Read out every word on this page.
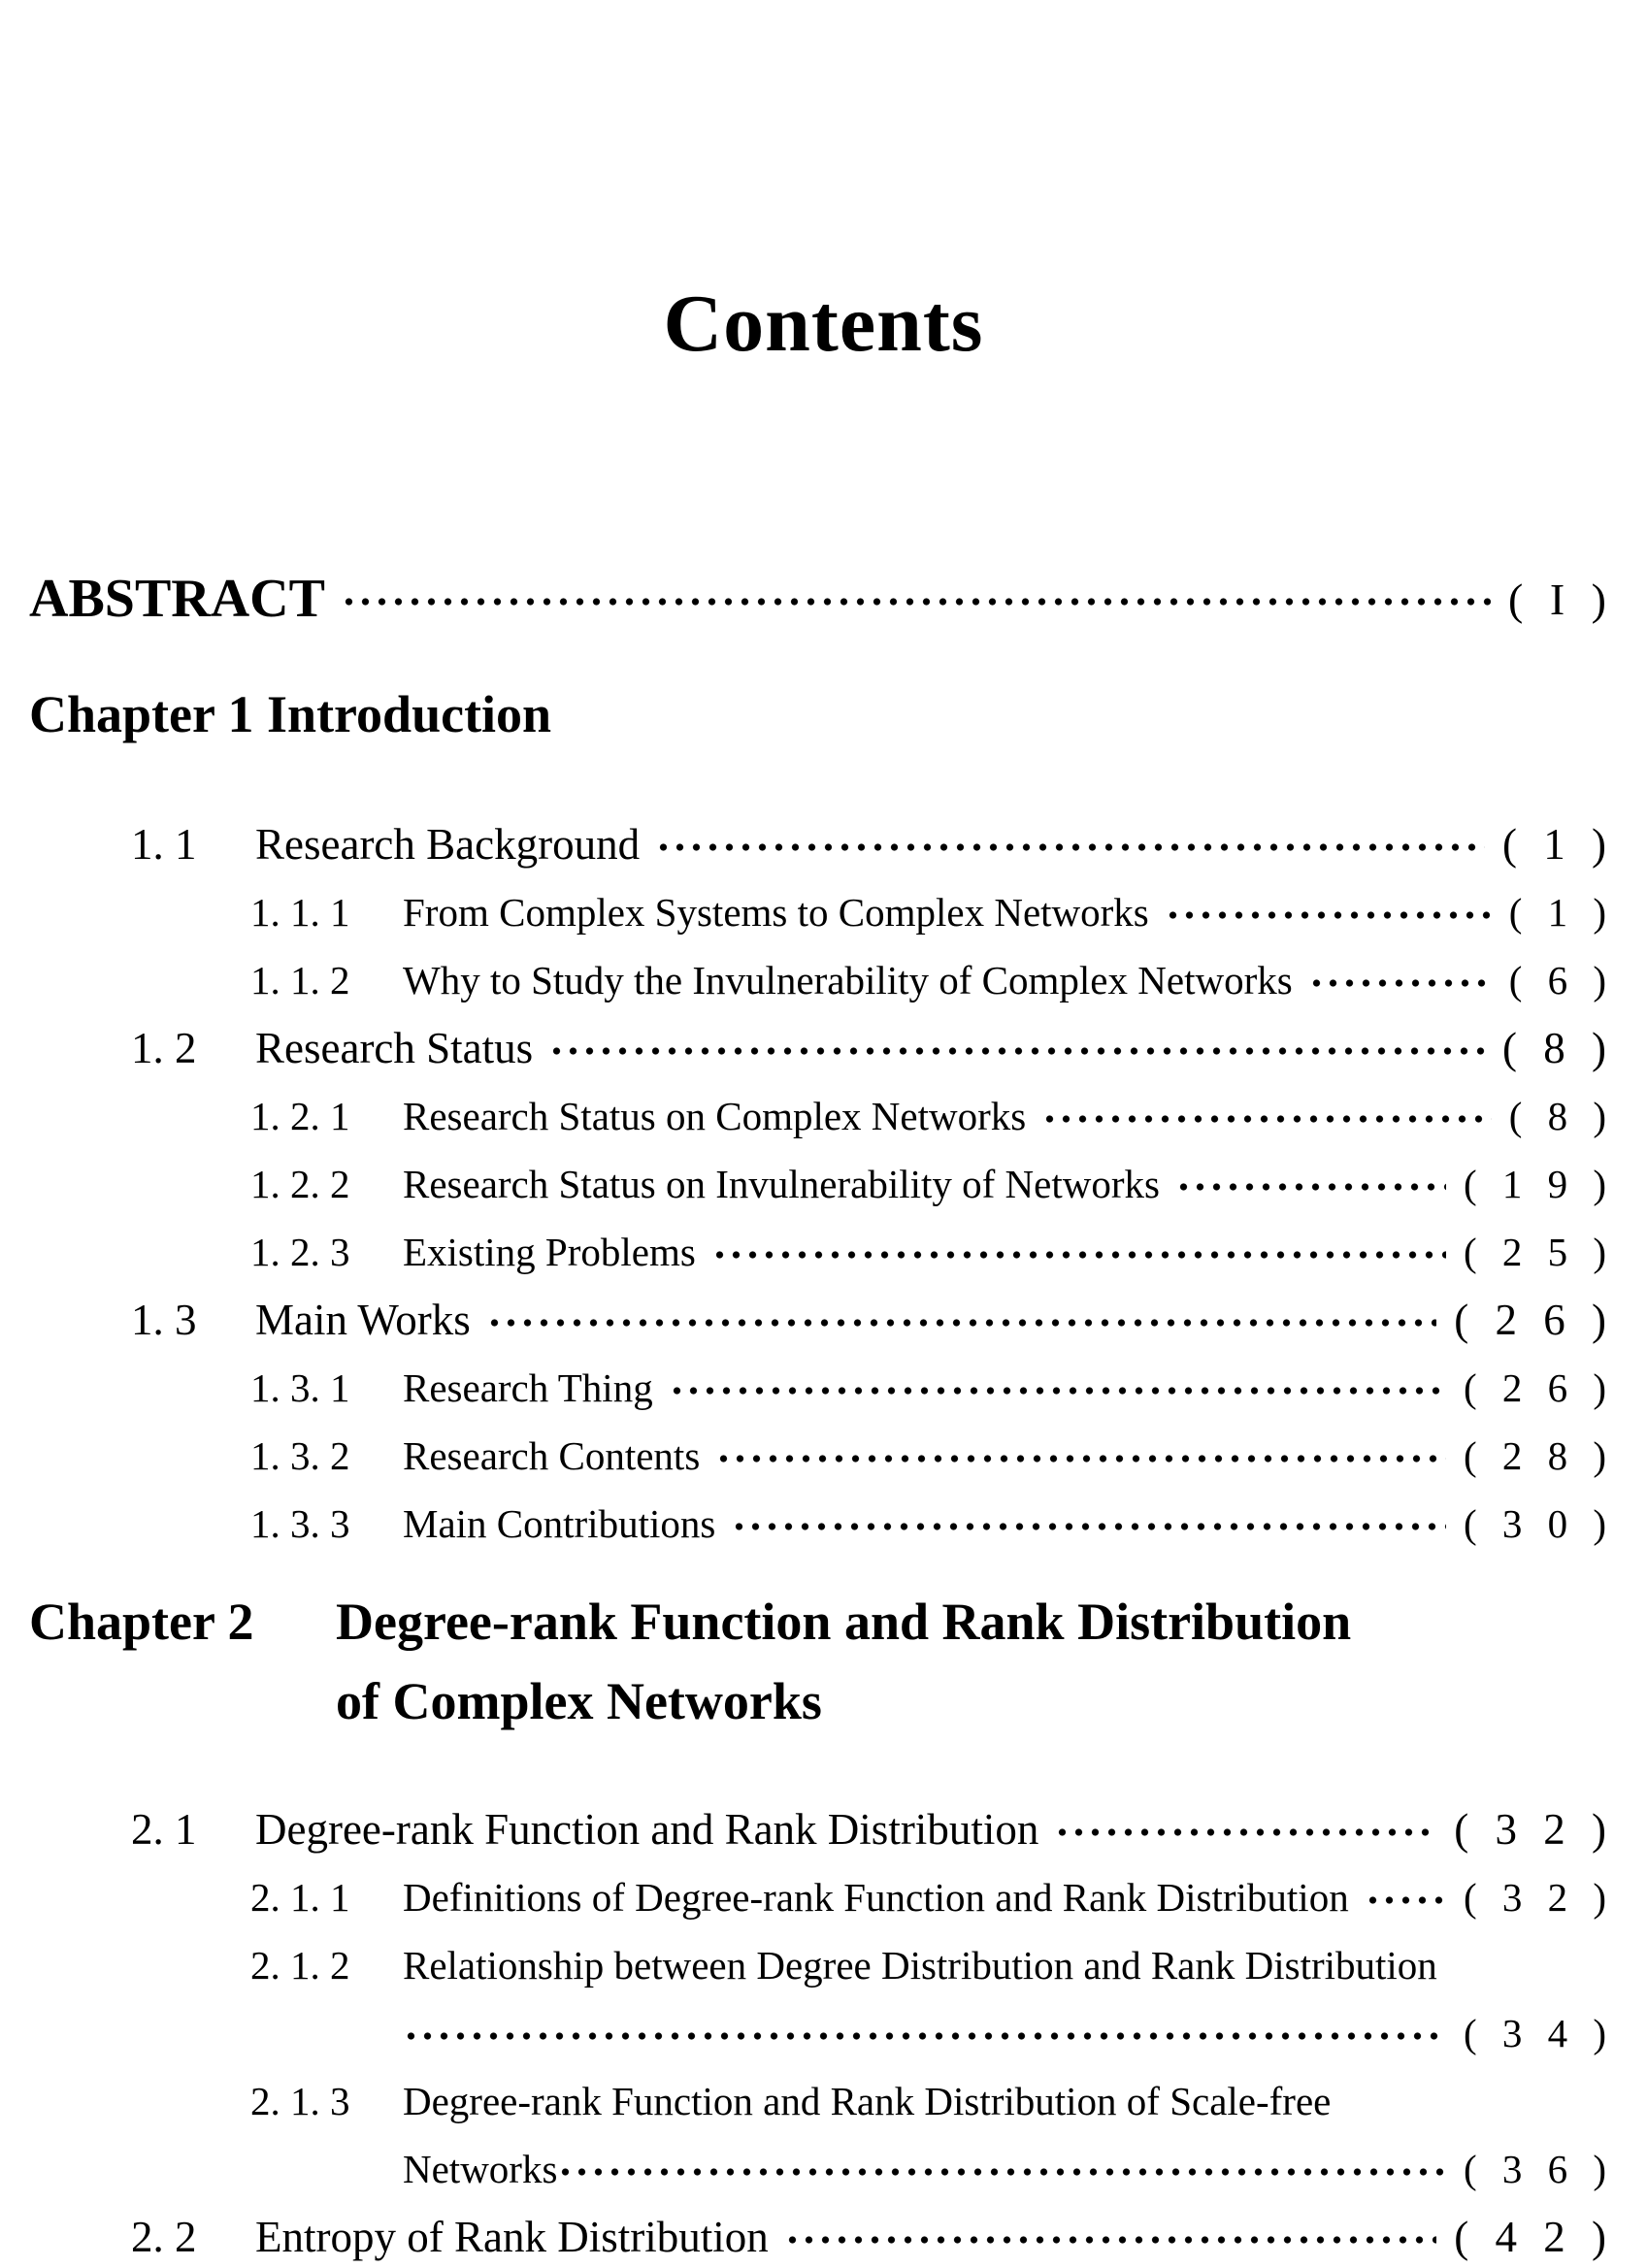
Contents
ABSTRACT	( I )
Chapter 1 Introduction
1. 1	Research Background	( 1 )
1. 1. 1	From Complex Systems to Complex Networks	( 1 )
1. 1. 2	Why to Study the Invulnerability of Complex Networks	( 6 )
1. 2	Research Status	( 8 )
1. 2. 1	Research Status on Complex Networks	( 8 )
1. 2. 2	Research Status on Invulnerability of Networks	( 1 9 )
1. 2. 3	Existing Problems	( 2 5 )
1. 3	Main Works	( 2 6 )
1. 3. 1	Research Thing	( 2 6 )
1. 3. 2	Research Contents	( 2 8 )
1. 3. 3	Main Contributions	( 3 0 )
Chapter 2	Degree-rank Function and Rank Distribution
of Complex Networks
2. 1	Degree-rank Function and Rank Distribution	( 3 2 )
2. 1. 1	Definitions of Degree-rank Function and Rank Distribution	( 3 2 )
2. 1. 2	Relationship between Degree Distribution and Rank Distribution
( 3 4 )
2. 1. 3	Degree-rank Function and Rank Distribution of Scale-free
Networks	( 3 6 )
2. 2	Entropy of Rank Distribution	( 4 2 )
